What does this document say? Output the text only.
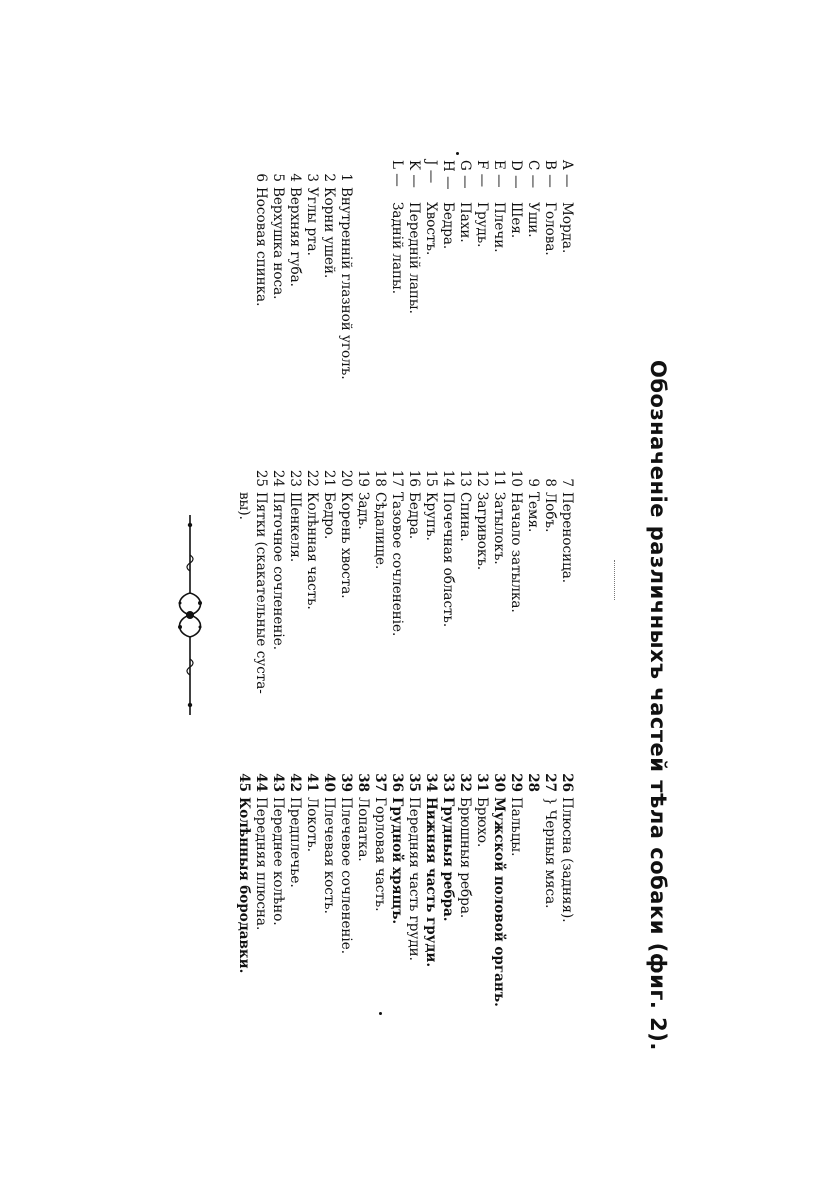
Обозначеніе различныхъ частей тѣла собаки (фиг. 2).
A —Морда.
B —Голова.
C —Уши.
D —Шея.
E —Плечи.
F —Грудь.
G —Пахи.
H —Бедра.
J —Хвостъ.
K —Передній лапы.
L —Задній лапы.
1Внутренній глазной уголъ.
2Корни ушей.
3Углы рта.
4Верхняя губа.
5Верхушка носа.
6Носовая спинка.
7Переносица.
8Лобъ.
9Темя.
10Начало затылка.
11Затылокъ.
12Загривокъ.
13Спина.
14Почечная область.
15Крупъ.
16Бедра.
17Тазовое сочлененіе.
18Сѣдалище.
19Задъ.
20Корень хвоста.
21Бедро.
22Колѣнная часть.
23Шенкеля.
24Пяточное сочлененіе.
25Пятки (скакательные суста-
вы).
26Плюсна (задняя).
27} Черныя мяса.
28
29Пальцы.
30Мужской половой органъ.
31Брюхо.
32Брюшныя ребра.
33Грудныя ребра.
34Нижняя часть груди.
35Передняя часть груди.
36Грудной хрящъ.
37Горловая часть.
38Лопатка.
39Плечевое сочлененіе.
40Плечевая кость.
41Локоть.
42Предплечье.
43Переднее колѣно.
44Передняя плюсна.
45Колѣнныя бородавки.
